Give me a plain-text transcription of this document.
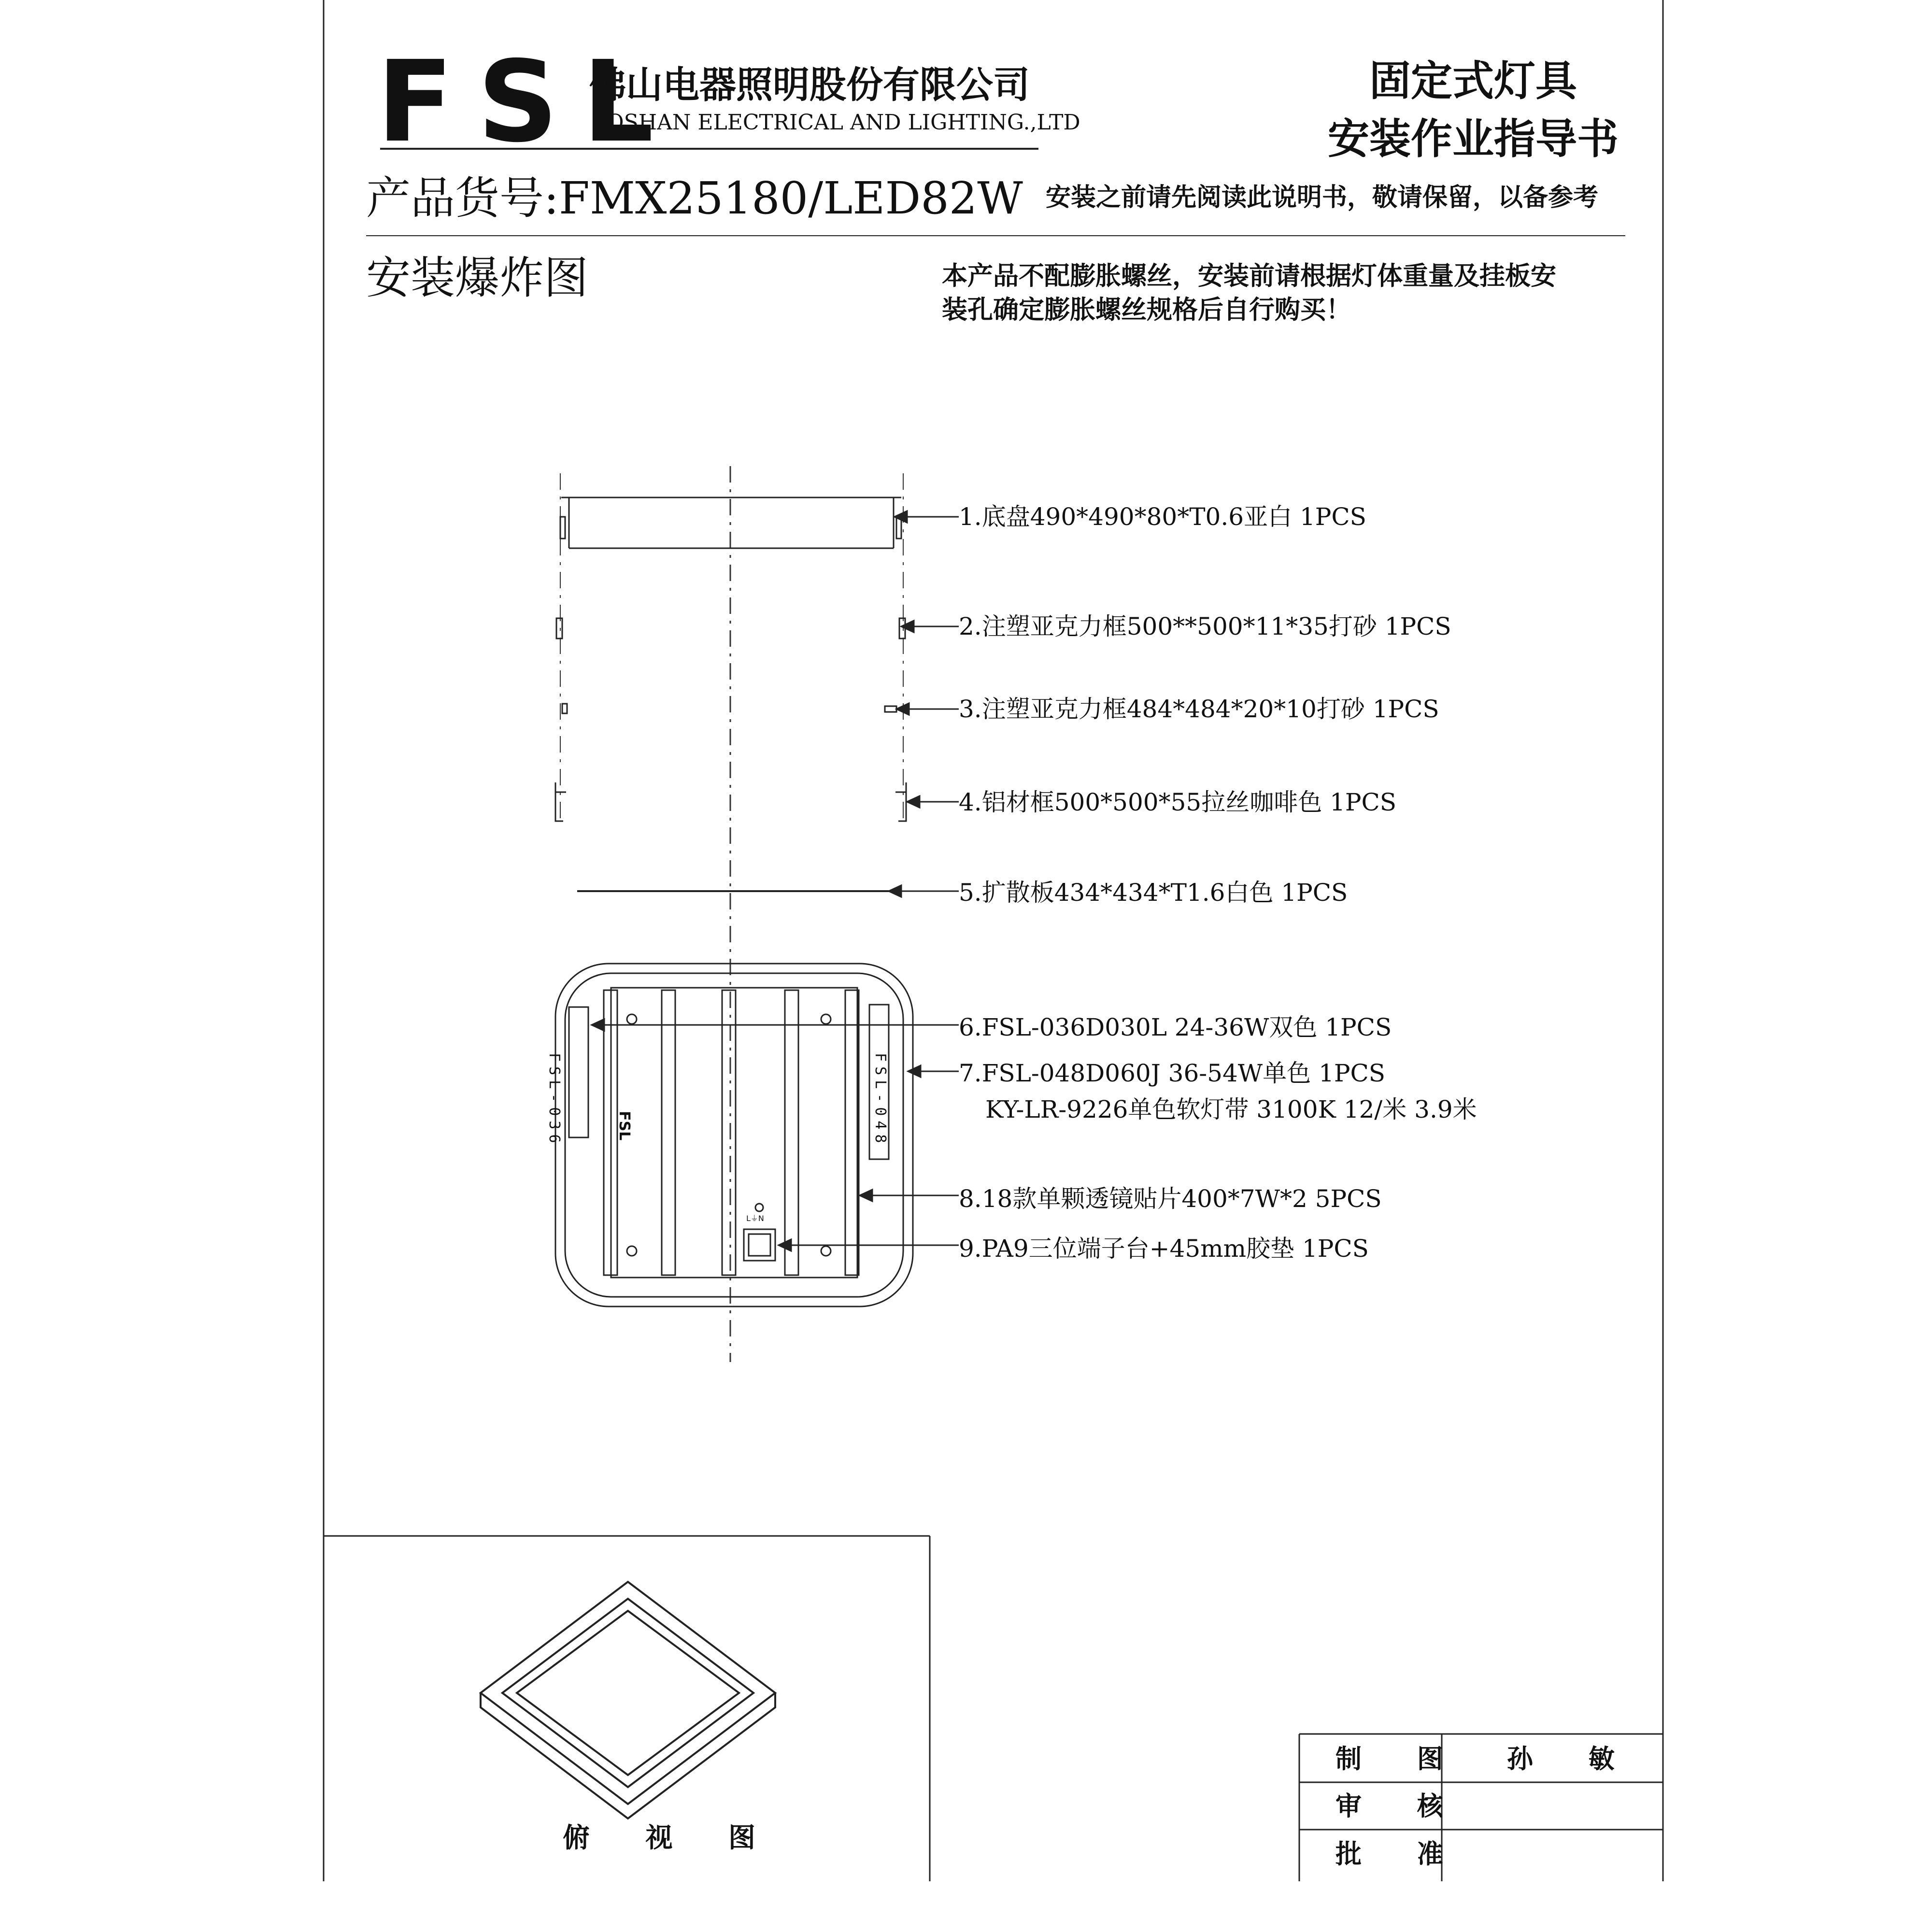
FSL
佛山电器照明股份有限公司
FOSHAN ELECTRICAL AND LIGHTING.,LTD
固定式灯具
安装作业指导书
产品货号:FMX25180/LED82W 安装之前请先阅读此说明书，敬请保留，以备参考
安装爆炸图	本产品不配膨胀螺丝，安装前请根据灯体重量及挂板安
装孔确定膨胀螺丝规格后自行购买！
1.底盘490*490*80*T0.6亚白 1PCS
2.注塑亚克力框500**500*11*35打砂 1PCS
3.注塑亚克力框484*484*20*10打砂 1PCS
4.铝材框500*500*55拉丝咖啡色 1PCS
5.扩散板434*434*T1.6白色 1PCS
6.FSL-036D030L 24-36W双色 1PCS
7.FSL-048D060J 36-54W单色 1PCS
KY-LR-9226单色软灯带 3100K 12/米 3.9米
8.18款单颗透镜贴片400*7W*2 5PCS
9.PA9三位端子台+45mm胶垫 1PCS
FSL-036	FSL-048
FSL
L⏚N
俯 视 图
制 图 孙 敏
审 核
批 准
